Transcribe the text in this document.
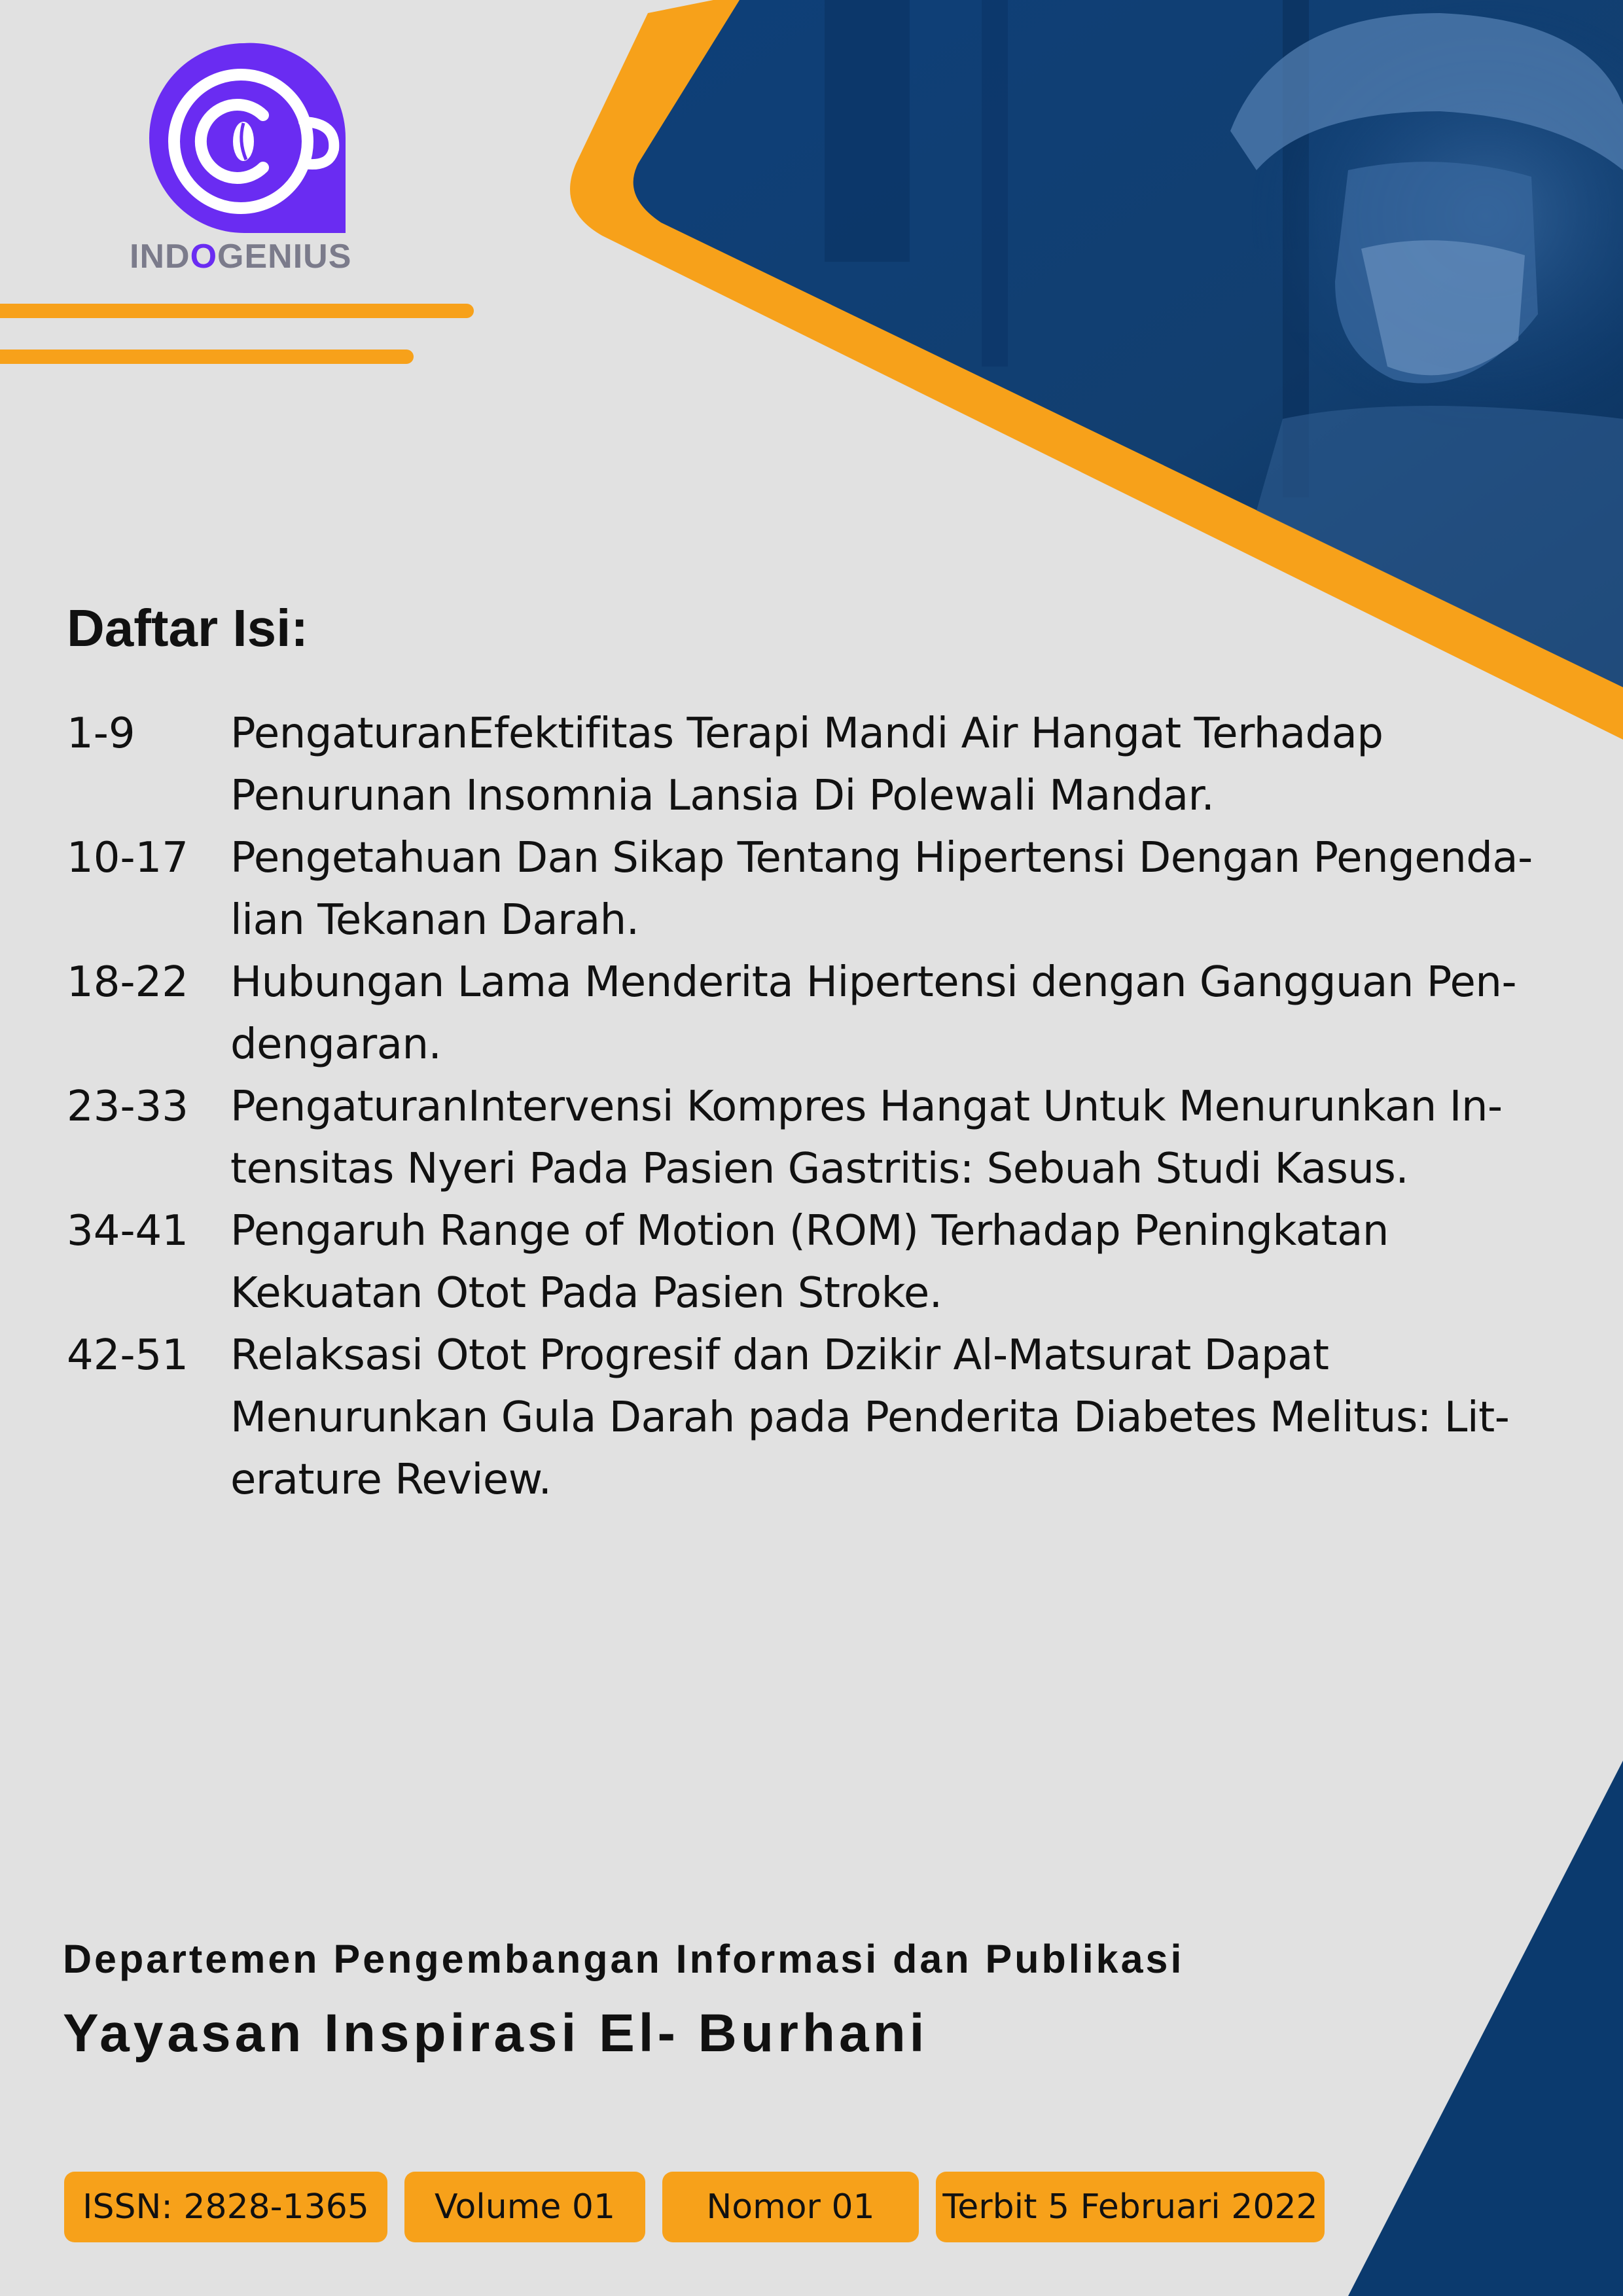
INDOGENIUS
Daftar Isi:
1-9	PengaturanEfektifitas Terapi Mandi Air Hangat Terhadap
Penurunan Insomnia Lansia Di Polewali Mandar.
10-17	Pengetahuan Dan Sikap Tentang Hipertensi Dengan Pengenda-
lian Tekanan Darah.
18-22	Hubungan Lama Menderita Hipertensi dengan Gangguan Pen-
dengaran.
23-33	PengaturanIntervensi Kompres Hangat Untuk Menurunkan In-
tensitas Nyeri Pada Pasien Gastritis: Sebuah Studi Kasus.
34-41	Pengaruh Range of Motion (ROM) Terhadap Peningkatan
Kekuatan Otot Pada Pasien Stroke.
42-51	Relaksasi Otot Progresif dan Dzikir Al-Matsurat Dapat
Menurunkan Gula Darah pada Penderita Diabetes Melitus: Lit-
erature Review.
Departemen Pengembangan Informasi dan Publikasi
Yayasan Inspirasi El- Burhani
ISSN: 2828-1365	Volume 01	Nomor 01	Terbit 5 Februari 2022
